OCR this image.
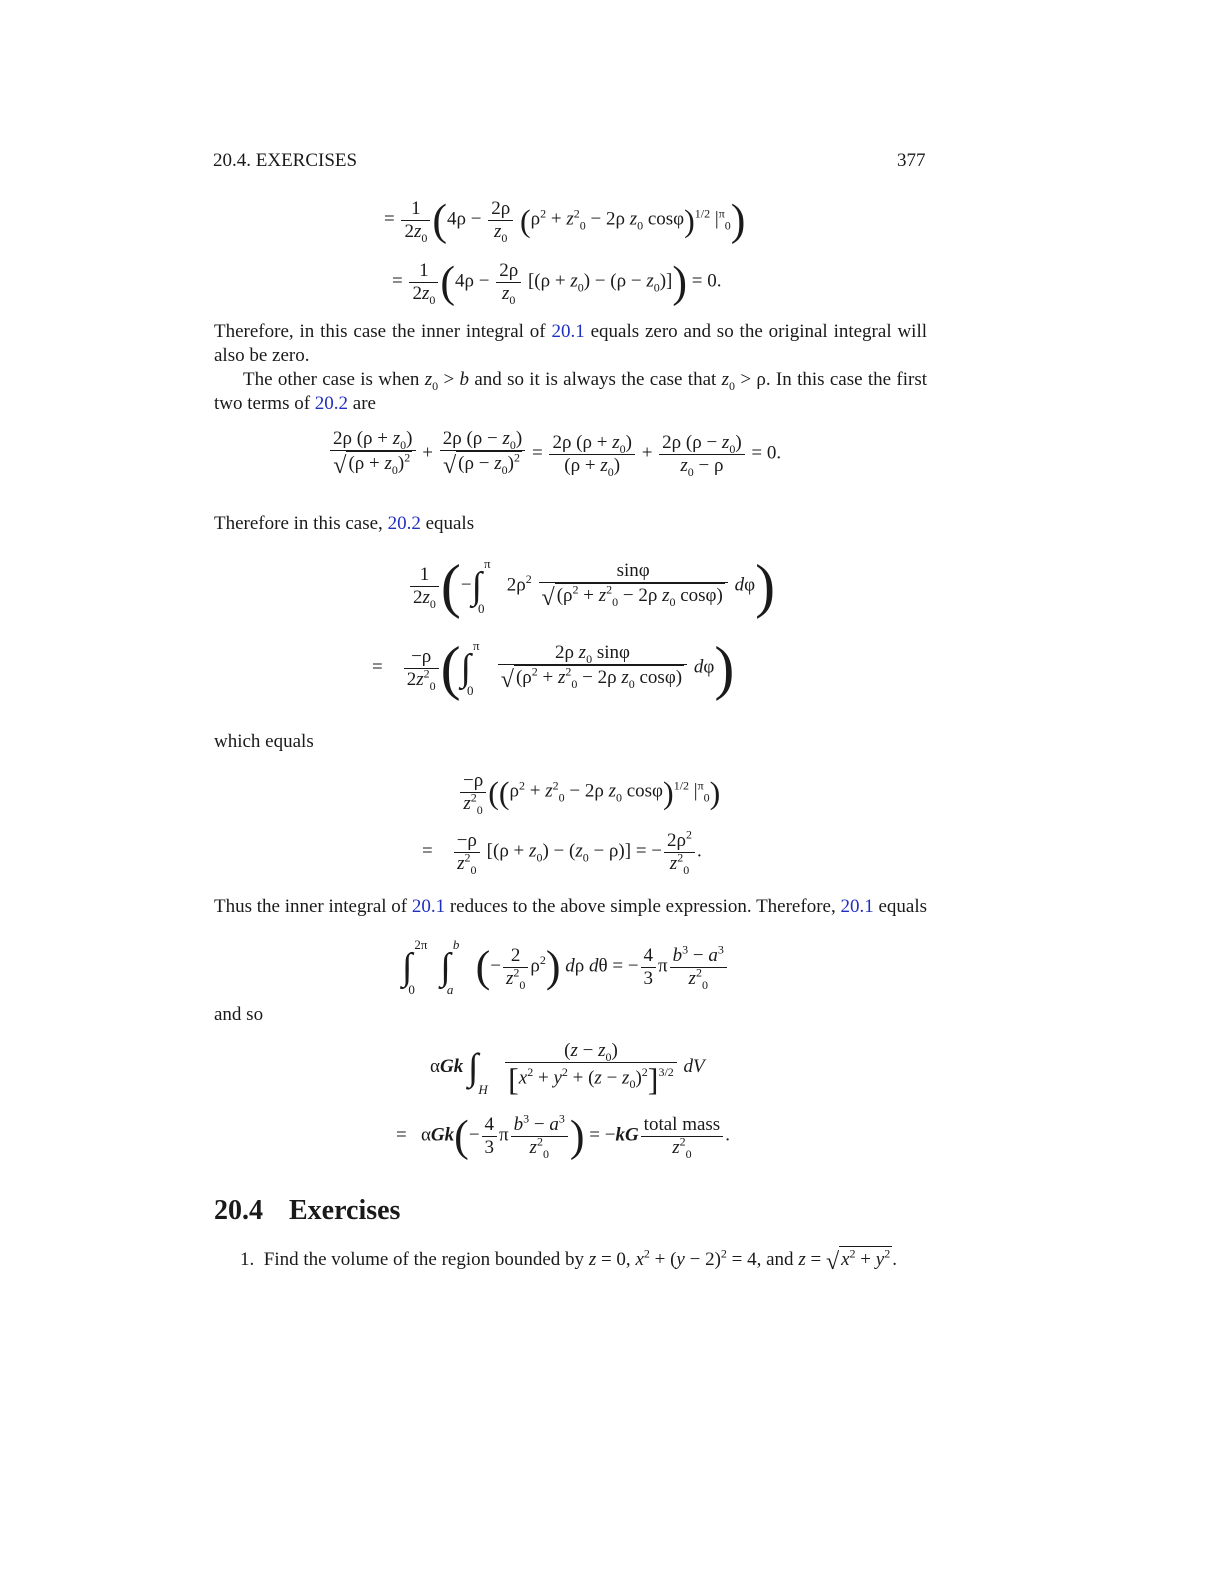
20.4. EXERCISES	377
= $\frac{1}{2z_0} (4\rho - \frac{2\rho}{z_0} (\rho^2 + z^2_0 - 2\rho$ $z_0$ cosφ)$^{1/2}$ $|^\pi_0$)
= $\frac{1}{2z_0} (4\rho - \frac{2\rho}{z_0} [(\rho + z_0) - (\rho - z_0)]) = 0$.
Therefore, in this case the inner integral of 20.1 equals zero and so the original integral will also be zero.
The other case is when $z_0 > b$ and so it is always the case that $z_0 > \rho$. In this case the first two terms of 20.2 are
$\frac{2\rho (\rho + z_0)}{√ (\rho + z_0)^2} + \frac{2\rho (\rho - z_0)}{√ (\rho - z_0)^2} = \frac{2\rho (\rho + z_0)}{(\rho + z_0)} + \frac{2\rho (\rho - z_0)}{z_0 - \rho} = 0$.
Therefore in this case, 20.2 equals
$\frac{1}{2z_0}$ (−∫
π
0
$2\rho^2 \frac{\sin\varphi}{√ (\rho^2 + z^2_0 - 2\rho z_0 \cos\varphi)} d\varphi$)
= $\frac{-\rho}{2z^2_0}$ (∫
π
0
$\frac{2\rho z_0 \sin\varphi}{√ (\rho^2 + z^2_0 - 2\rho z_0 \cos\varphi)} d\varphi$)
which equals
$\frac{-\rho}{z^2_0} ((\rho^2 + z^2_0 - 2\rho$ $z_0$ cosφ)$^{1/2}$ $|^\pi_0$)
= $\frac{-\rho}{z^2_0} [(\rho + z_0) - (z_0 - \rho)]$ = − $\frac{2\rho^2}{z^2_0}$ .
Thus the inner integral of 20.1 reduces to the above simple expression. Therefore, 20.1 equals
∫
2π
0
∫
b
a (− $\frac{2}{z^2_0} \rho^2$) dρ dθ = − $\frac{4}{3}$ π $\frac{b^3 - a^3}{z^2_0}$
and so
αGk ∫
H
$\frac{(z - z_0)}{[x^2 + y^2 + (z - z_0)^2]^{3/2}}$ dV
=   $\alpha Gk(- \frac{4}{3}$ π $\frac{b^3 - a^3}{z^2_0}$ ) = $-kG \frac{\text{total mass}}{z^2_0}$ .
20.4 Exercises
1. Find the volume of the region bounded by z = 0, $x^2 + (y - 2)^2 = 4$, and z = √ $x^2 + y^2$ .
